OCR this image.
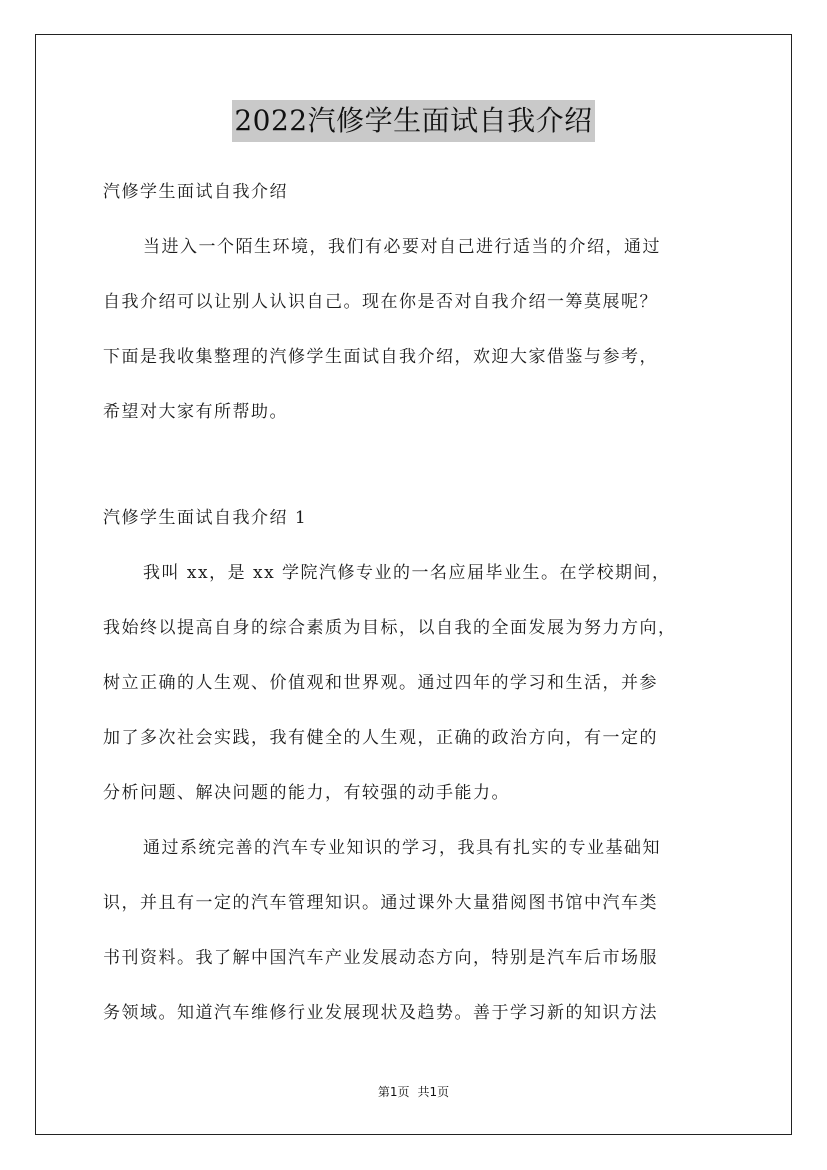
2022汽修学生面试自我介绍
汽修学生面试自我介绍
当进入一个陌生环境，我们有必要对自己进行适当的介绍，通过
自我介绍可以让别人认识自己。现在你是否对自我介绍一筹莫展呢？
下面是我收集整理的汽修学生面试自我介绍，欢迎大家借鉴与参考，
希望对大家有所帮助。
汽修学生面试自我介绍 1
我叫 xx，是 xx 学院汽修专业的一名应届毕业生。在学校期间，
我始终以提高自身的综合素质为目标，以自我的全面发展为努力方向，
树立正确的人生观、价值观和世界观。通过四年的学习和生活，并参
加了多次社会实践，我有健全的人生观，正确的政治方向，有一定的
分析问题、解决问题的能力，有较强的动手能力。
通过系统完善的汽车专业知识的学习，我具有扎实的专业基础知
识，并且有一定的汽车管理知识。通过课外大量猎阅图书馆中汽车类
书刊资料。我了解中国汽车产业发展动态方向，特别是汽车后市场服
务领域。知道汽车维修行业发展现状及趋势。善于学习新的知识方法
第1页 共1页
